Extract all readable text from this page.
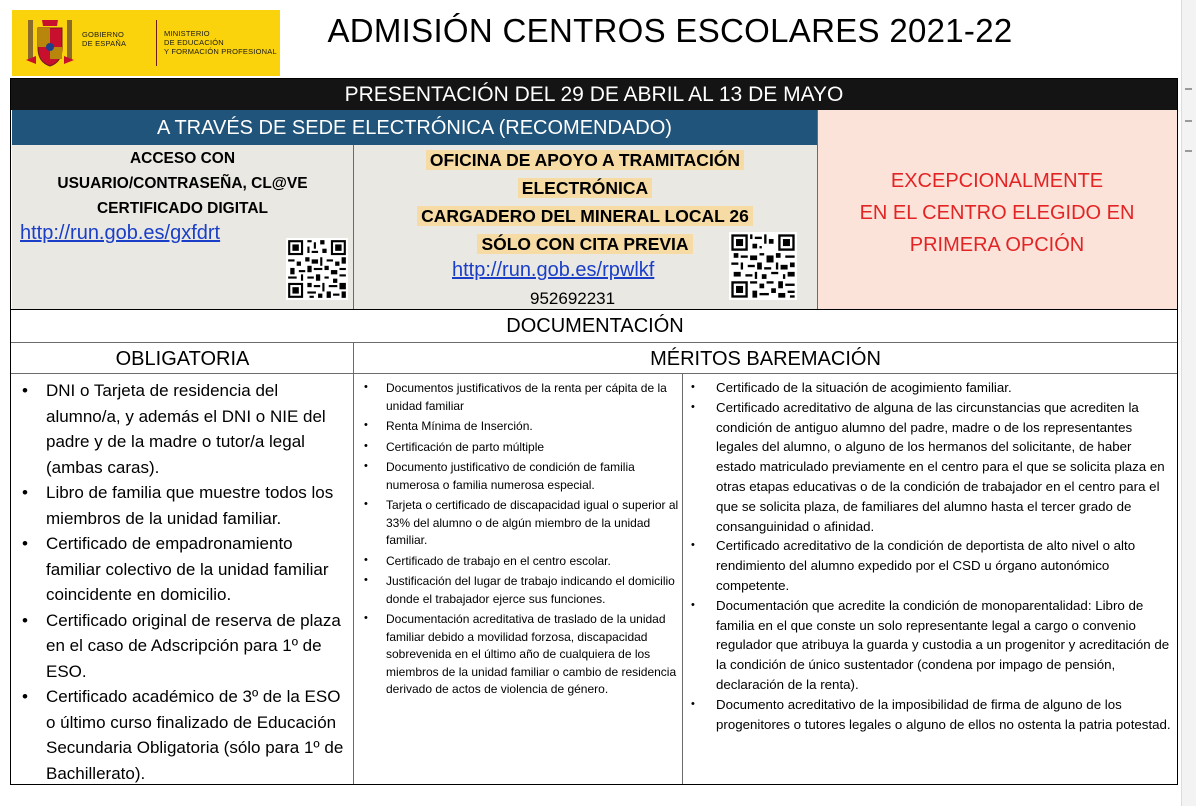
GOBIERNO
DE ESPAÑA
MINISTERIO
DE EDUCACIÓN
Y FORMACIÓN PROFESIONAL
ADMISIÓN CENTROS ESCOLARES 2021-22
PRESENTACIÓN DEL 29 DE ABRIL AL 13 DE MAYO
A TRAVÉS DE SEDE ELECTRÓNICA (RECOMENDADO)
ACCESO CON
USUARIO/CONTRASEÑA, CL@VE
CERTIFICADO DIGITAL
http://run.gob.es/gxfdrt
OFICINA DE APOYO A TRAMITACIÓN
ELECTRÓNICA
CARGADERO DEL MINERAL LOCAL 26
SÓLO CON CITA PREVIA
http://run.gob.es/rpwlkf
952692231
EXCEPCIONALMENTE
EN EL CENTRO ELEGIDO EN
PRIMERA OPCIÓN
DOCUMENTACIÓN
OBLIGATORIA	MÉRITOS BAREMACIÓN
• DNI o Tarjeta de residencia del alumno/a, y además el DNI o NIE del padre y de la madre o tutor/a legal (ambas caras).
• Libro de familia que muestre todos los miembros de la unidad familiar.
• Certificado de empadronamiento familiar colectivo de la unidad familiar coincidente en domicilio.
• Certificado original de reserva de plaza en el caso de Adscripción para 1º de ESO.
• Certificado académico de 3º de la ESO o último curso finalizado de Educación Secundaria Obligatoria (sólo para 1º de Bachillerato).
• Documentos justificativos de la renta per cápita de la unidad familiar
• Renta Mínima de Inserción.
• Certificación de parto múltiple
• Documento justificativo de condición de familia numerosa o familia numerosa especial.
• Tarjeta o certificado de discapacidad igual o superior al 33% del alumno o de algún miembro de la unidad familiar.
• Certificado de trabajo en el centro escolar.
• Justificación del lugar de trabajo indicando el domicilio donde el trabajador ejerce sus funciones.
• Documentación acreditativa de traslado de la unidad familiar debido a movilidad forzosa, discapacidad sobrevenida en el último año de cualquiera de los miembros de la unidad familiar o cambio de residencia derivado de actos de violencia de género.
• Certificado de la situación de acogimiento familiar.
• Certificado acreditativo de alguna de las circunstancias que acrediten la condición de antiguo alumno del padre, madre o de los representantes legales del alumno, o alguno de los hermanos del solicitante, de haber estado matriculado previamente en el centro para el que se solicita plaza en otras etapas educativas o de la condición de trabajador en el centro para el que se solicita plaza, de familiares del alumno hasta el tercer grado de consanguinidad o afinidad.
• Certificado acreditativo de la condición de deportista de alto nivel o alto rendimiento del alumno expedido por el CSD u órgano autonómico competente.
• Documentación que acredite la condición de monoparentalidad: Libro de familia en el que conste un solo representante legal a cargo o convenio regulador que atribuya la guarda y custodia a un progenitor y acreditación de la condición de único sustentador (condena por impago de pensión, declaración de la renta).
• Documento acreditativo de la imposibilidad de firma de alguno de los progenitores o tutores legales o alguno de ellos no ostenta la patria potestad.
